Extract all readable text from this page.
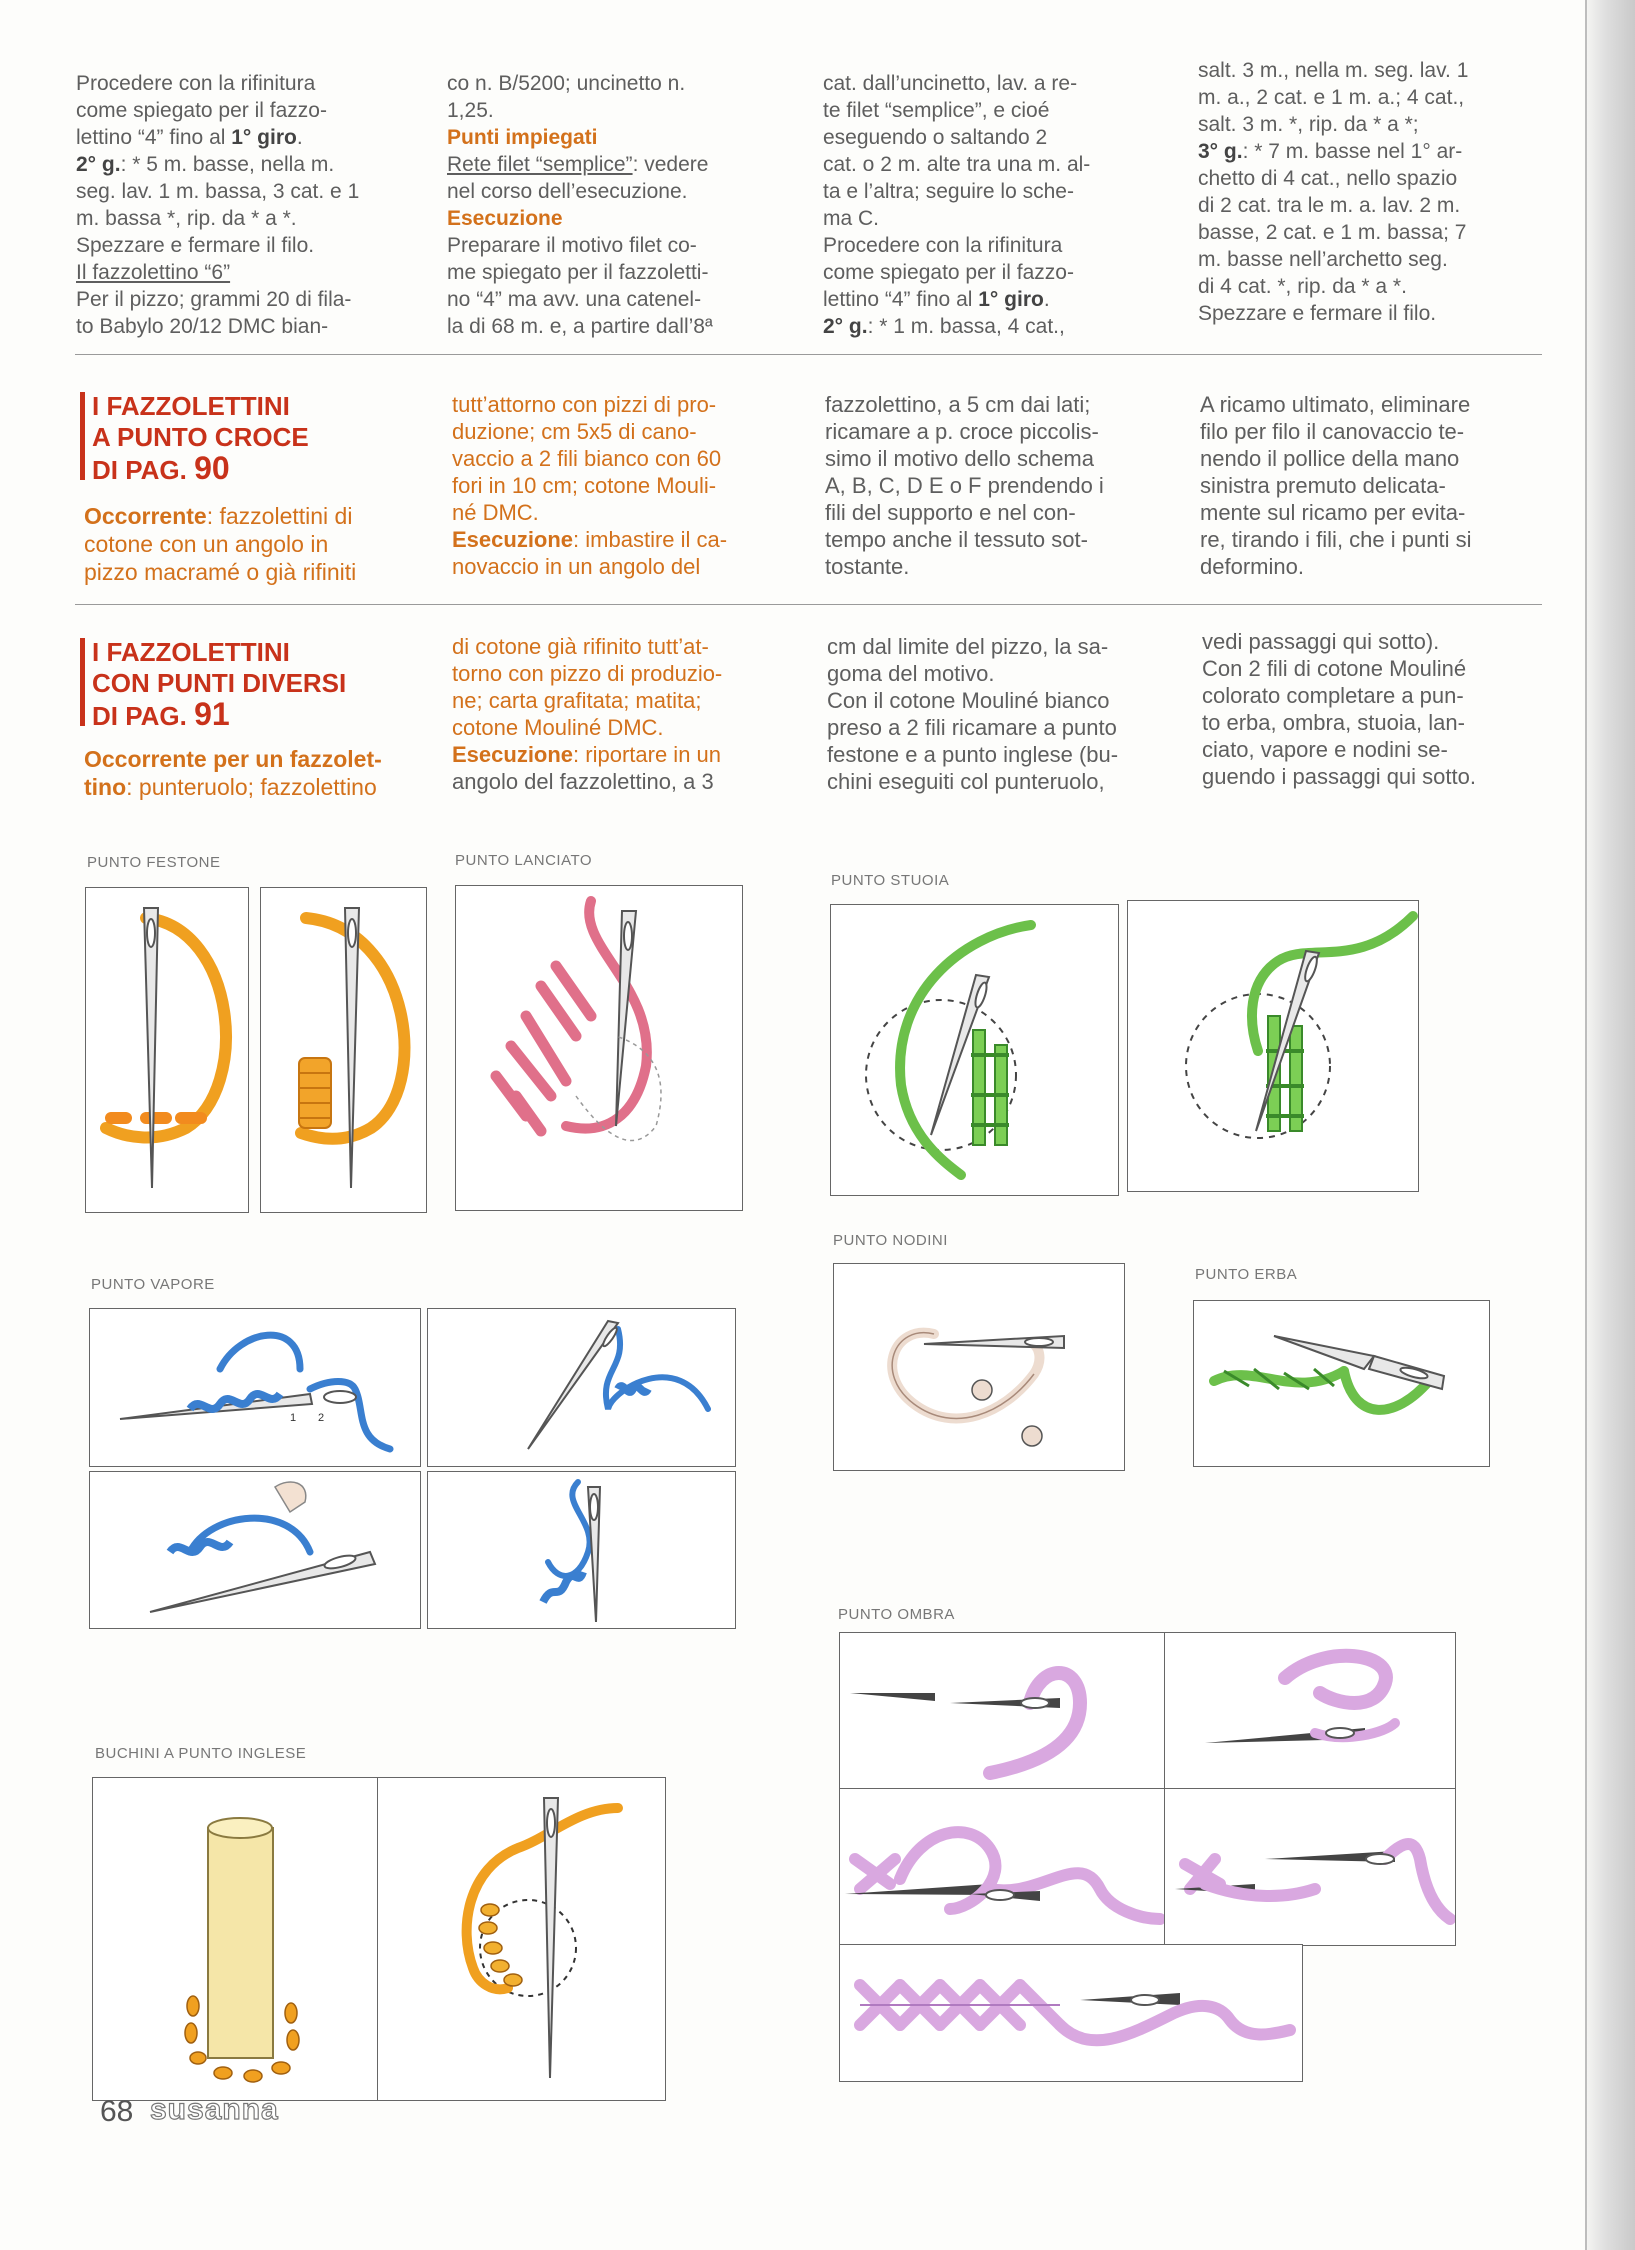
Procedere con la rifinitura

come spiegato per il fazzo-

lettino “4” fino al 1° giro.

2° g.: * 5 m. basse, nella m.

seg. lav. 1 m. bassa, 3 cat. e 1

m. bassa *, rip. da * a *.

Spezzare e fermare il filo.

Il fazzolettino “6”

Per il pizzo; grammi 20 di filа-

to Babylo 20/12 DMC bian-

co n. B/5200; uncinetto n.

1,25.

Punti impiegati

Rete filet “semplice”: vedere

nel corso dell’esecuzione.

Esecuzione

Preparare il motivo filet co-

me spiegato per il fazzoletti-

no “4” ma avv. una catenel-

la di 68 m. e, a partire dall’8ª

cat. dall’uncinetto, lav. a re-

te filet “semplice”, e cioé

eseguendo o saltando 2

cat. o 2 m. alte tra una m. al-

ta e l’altra; seguire lo sche-

ma C.

Procedere con la rifinitura

come spiegato per il fazzo-

lettino “4” fino al 1° giro.

2° g.: * 1 m. bassa, 4 cat.,

salt. 3 m., nella m. seg. lav. 1

m. a., 2 cat. e 1 m. a.; 4 cat.,

salt. 3 m. *, rip. da * a *;

3° g.: * 7 m. basse nel 1° ar-

chetto di 4 cat., nello spazio

di 2 cat. tra le m. a. lav. 2 m.

basse, 2 cat. e 1 m. bassa; 7

m. basse nell’archetto seg.

di 4 cat. *, rip. da * a *.

Spezzare e fermare il filo.

I FAZZOLETTINI
A PUNTO CROCE
DI PAG. 90
Occorrente: fazzolettini di
cotone con un angolo in
pizzo macramé o già rifiniti

tutt’attorno con pizzi di pro-

duzione; cm 5x5 di cano-

vaccio a 2 fili bianco con 60

fori in 10 cm; cotone Mouli-

né DMC.

Esecuzione: imbastire il ca-

novaccio in un angolo del

fazzolettino, a 5 cm dai lati;

ricamare a p. croce piccolis-

simo il motivo dello schema

A, B, C, D E o F prendendo i

fili del supporto e nel con-

tempo anche il tessuto sot-

tostante.

A ricamo ultimato, eliminare

filo per filo il canovaccio te-

nendo il pollice della mano

sinistra premuto delicata-

mente sul ricamo per evita-

re, tirando i fili, che i punti si

deformino.

I FAZZOLETTINI
CON PUNTI DIVERSI
DI PAG. 91
Occorrente per un fazzolet-
tino: punteruolo; fazzolettino

di cotone già rifinito tutt’at-

torno con pizzo di produzio-

ne; carta grafitata; matita;

cotone Mouliné DMC.

Esecuzione: riportare in un

angolo del fazzolettino, a 3

cm dal limite del pizzo, la sa-

goma del motivo.

Con il cotone Mouliné bianco

preso a 2 fili ricamare a punto

festone e a punto inglese (bu-

chini eseguiti col punteruolo,

vedi passaggi qui sotto).

Con 2 fili di cotone Mouliné

colorato completare a pun-

to erba, ombra, stuoia, lan-

ciato, vapore e nodini se-

guendo i passaggi qui sotto.

PUNTO FESTONE	PUNTO LANCIATO
PUNTO STUOIA
PUNTO NODINI
PUNTO ERBA
PUNTO VAPORE
BUCHINI A PUNTO INGLESE
PUNTO OMBRA
1 2
68 susanna
